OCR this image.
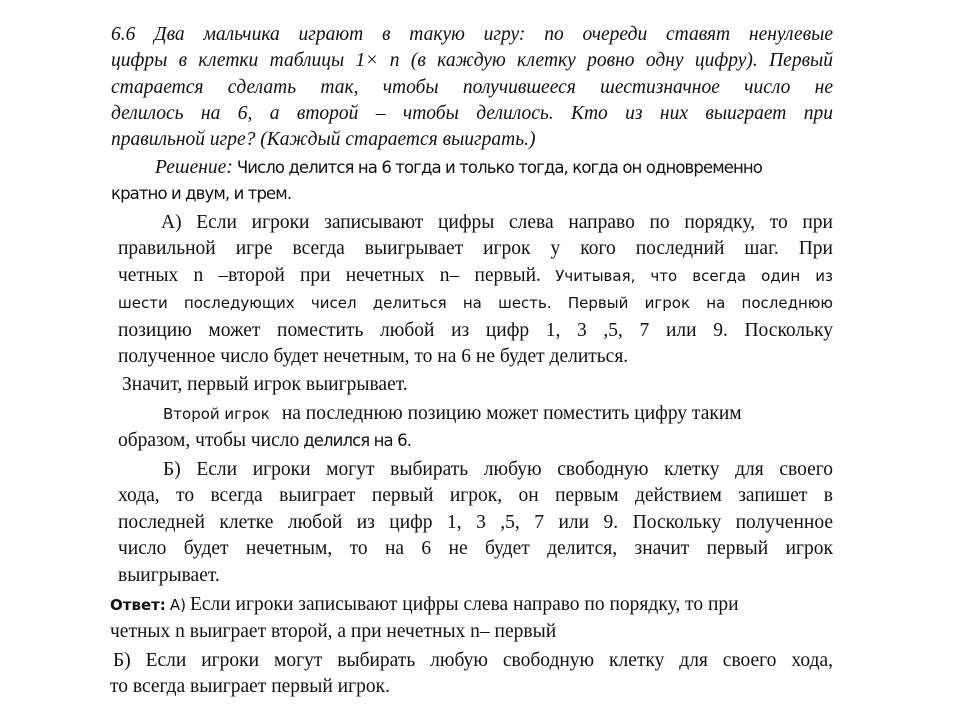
6.6 Два мальчика играют в такую игру: по очереди ставят ненулевые
цифры в клетки таблицы 1× n (в каждую клетку ровно одну цифру). Первый
старается сделать так, чтобы получившееся шестизначное число не
делилось на 6, а второй – чтобы делилось. Кто из них выиграет при
правильной игре? (Каждый старается выиграть.)
Решение: Число делится на 6 тогда и только тогда, когда он одновременно
кратно и двум, и трем.
А) Если игроки записывают цифры слева направо по порядку, то при
правильной игре всегда выигрывает игрок у кого последний шаг. При
четных n –второй при нечетных n– первый. Учитывая, что всегда один из
шести последующих чисел делиться на шесть. Первый игрок на последнюю
позицию может поместить любой из цифр 1, 3 ,5, 7 или 9. Поскольку
полученное число будет нечетным, то на 6 не будет делиться.
Значит, первый игрок выигрывает.
Второй игрок на последнюю позицию может поместить цифру таким
образом, чтобы число делился на 6.
Б) Если игроки могут выбирать любую свободную клетку для своего
хода, то всегда выиграет первый игрок, он первым действием запишет в
последней клетке любой из цифр 1, 3 ,5, 7 или 9. Поскольку полученное
число будет нечетным, то на 6 не будет делится, значит первый игрок
выигрывает.
Ответ: А) Если игроки записывают цифры слева направо по порядку, то при
четных n выиграет второй, а при нечетных n– первый
Б) Если игроки могут выбирать любую свободную клетку для своего хода,
то всегда выиграет первый игрок.
